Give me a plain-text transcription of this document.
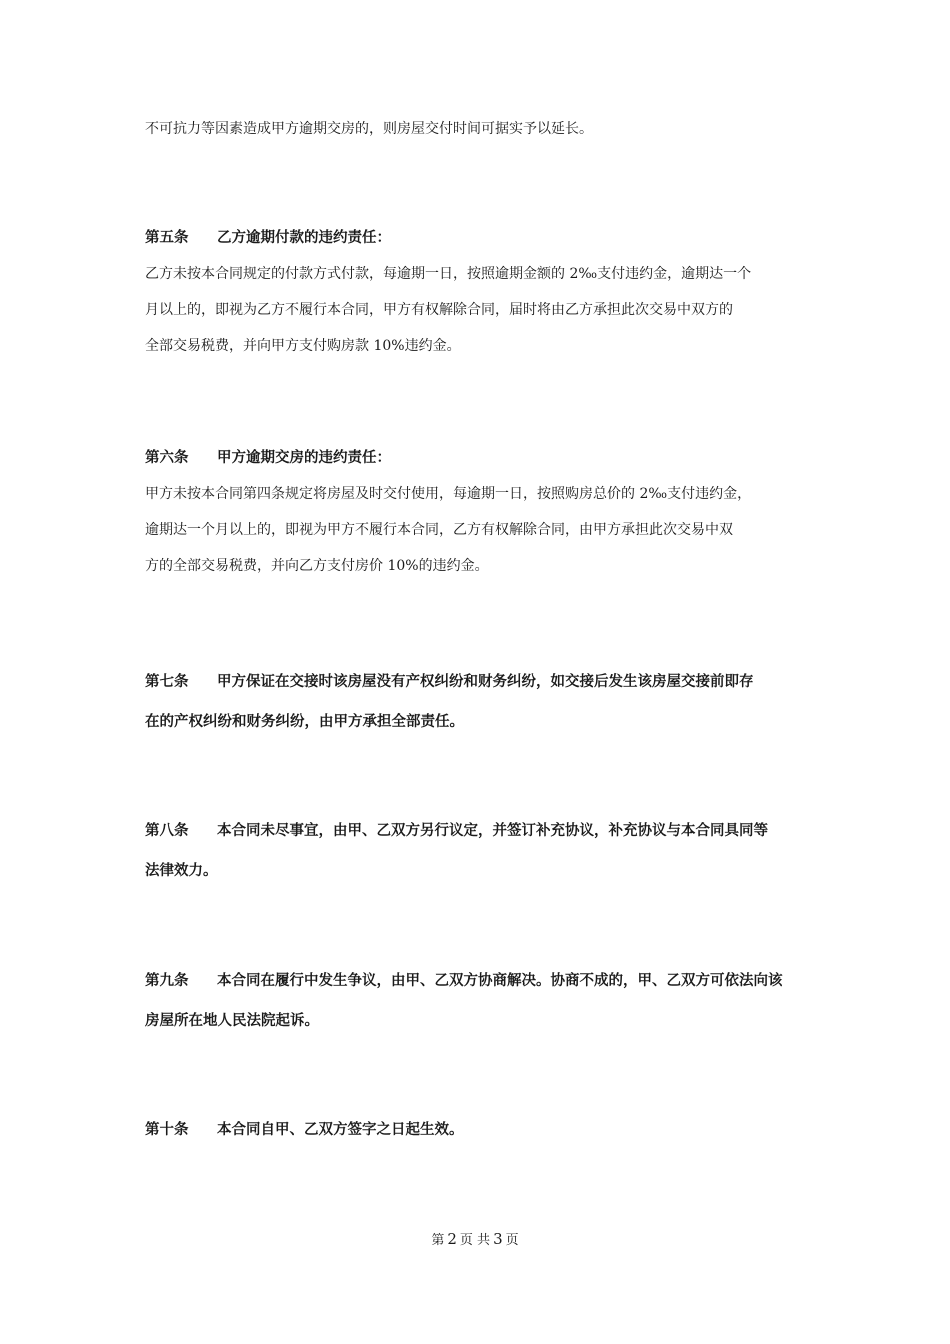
不可抗力等因素造成甲方逾期交房的，则房屋交付时间可据实予以延长。
第五条 乙方逾期付款的违约责任：
乙方未按本合同规定的付款方式付款，每逾期一日，按照逾期金额的 2‰支付违约金，逾期达一个
月以上的，即视为乙方不履行本合同，甲方有权解除合同，届时将由乙方承担此次交易中双方的
全部交易税费，并向甲方支付购房款 10%违约金。
第六条 甲方逾期交房的违约责任：
甲方未按本合同第四条规定将房屋及时交付使用，每逾期一日，按照购房总价的 2‰支付违约金，
逾期达一个月以上的，即视为甲方不履行本合同，乙方有权解除合同，由甲方承担此次交易中双
方的全部交易税费，并向乙方支付房价 10%的违约金。
第七条 甲方保证在交接时该房屋没有产权纠纷和财务纠纷，如交接后发生该房屋交接前即存
在的产权纠纷和财务纠纷，由甲方承担全部责任。
第八条 本合同未尽事宜，由甲、乙双方另行议定，并签订补充协议，补充协议与本合同具同等
法律效力。
第九条 本合同在履行中发生争议，由甲、乙双方协商解决。协商不成的，甲、乙双方可依法向该
房屋所在地人民法院起诉。
第十条 本合同自甲、乙双方签字之日起生效。
第 2 页 共 3 页
